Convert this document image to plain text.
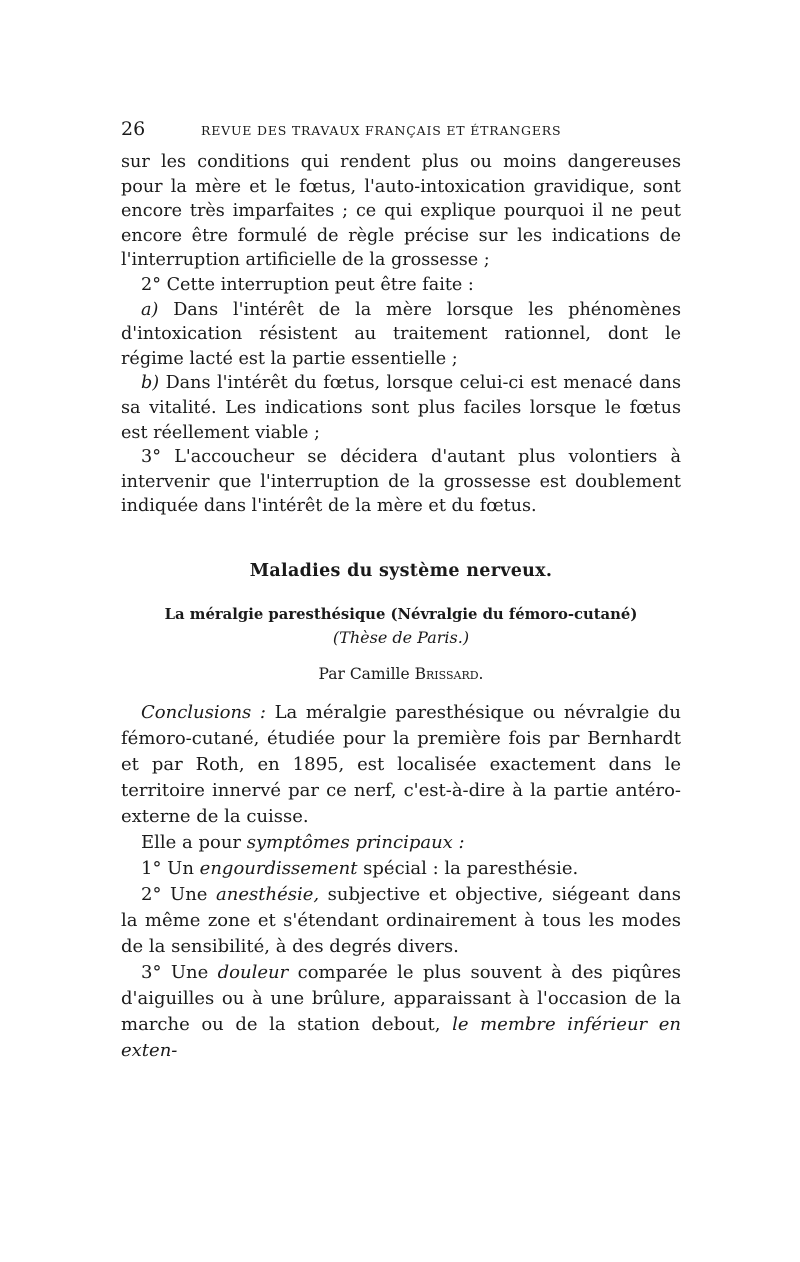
26	REVUE DES TRAVAUX FRANÇAIS ET ÉTRANGERS

sur les conditions qui rendent plus ou moins dangereuses pour la mère et le fœtus, l'auto-intoxication gravidique, sont encore très imparfaites ; ce qui explique pourquoi il ne peut encore être formulé de règle précise sur les indications de l'interruption artificielle de la grossesse ;

2° Cette interruption peut être faite :

a) Dans l'intérêt de la mère lorsque les phénomènes d'intoxication résistent au traitement rationnel, dont le régime lacté est la partie essentielle ;

b) Dans l'intérêt du fœtus, lorsque celui-ci est menacé dans sa vitalité. Les indications sont plus faciles lorsque le fœtus est réellement viable ;

3° L'accoucheur se décidera d'autant plus volontiers à intervenir que l'interruption de la grossesse est doublement indiquée dans l'intérêt de la mère et du fœtus.

Maladies du système nerveux.
La méralgie paresthésique (Névralgie du fémoro-cutané)
(Thèse de Paris.)
Par Camille Brissard.

Conclusions : La méralgie paresthésique ou névralgie du fémoro-cutané, étudiée pour la première fois par Bernhardt et par Roth, en 1895, est localisée exactement dans le territoire innervé par ce nerf, c'est-à-dire à la partie antéro-externe de la cuisse.

Elle a pour symptômes principaux :

1° Un engourdissement spécial : la paresthésie.

2° Une anesthésie, subjective et objective, siégeant dans la même zone et s'étendant ordinairement à tous les modes de la sensibilité, à des degrés divers.

3° Une douleur comparée le plus souvent à des piqûres d'aiguilles ou à une brûlure, apparaissant à l'occasion de la marche ou de la station debout, le membre inférieur en exten-
